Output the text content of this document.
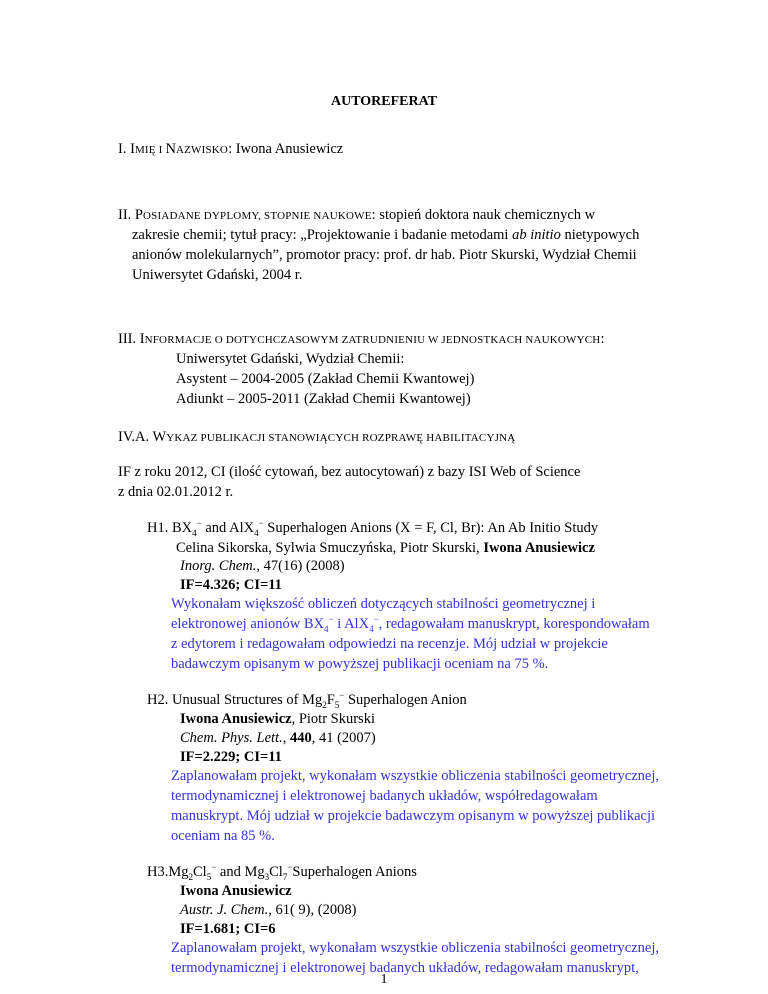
AUTOREFERAT
I. IMIĘ I NAZWISKO: Iwona Anusiewicz
II. POSIADANE DYPLOMY, STOPNIE NAUKOWE: stopień doktora nauk chemicznych w
zakresie chemii; tytuł pracy: „Projektowanie i badanie metodami ab initio nietypowych
anionów molekularnych”, promotor pracy: prof. dr hab. Piotr Skurski, Wydział Chemii
Uniwersytet Gdański, 2004 r.
III. INFORMACJE O DOTYCHCZASOWYM ZATRUDNIENIU W JEDNOSTKACH NAUKOWYCH:
Uniwersytet Gdański, Wydział Chemii:
Asystent – 2004-2005 (Zakład Chemii Kwantowej)
Adiunkt – 2005-2011 (Zakład Chemii Kwantowej)
IV.A. WYKAZ PUBLIKACJI STANOWIĄCYCH ROZPRAWĘ HABILITACYJNĄ
IF z roku 2012, CI (ilość cytowań, bez autocytowań) z bazy ISI Web of Science
z dnia 02.01.2012 r.
H1. $BX_4^-$ and AlX$_4$− Superhalogen Anions (X = F, Cl, Br): An Ab Initio Study
Celina Sikorska, Sylwia Smuczyńska, Piotr Skurski, Iwona Anusiewicz
Inorg. Chem., 47(16) (2008)
IF=4.326; CI=11
Wykonałam większość obliczeń dotyczących stabilności geometrycznej i
elektronowej anionów $BX_4^-$ i AlX$_4$−, redagowałam manuskrypt, korespondowałam
z edytorem i redagowałam odpowiedzi na recenzje. Mój udział w projekcie
badawczym opisanym w powyższej publikacji oceniam na 75 %.
H2. Unusual Structures of $Mg_2F_5^-$ Superhalogen Anion
Iwona Anusiewicz, Piotr Skurski
Chem. Phys. Lett., 440, 41 (2007)
IF=2.229; CI=11
Zaplanowałam projekt, wykonałam wszystkie obliczenia stabilności geometrycznej,
termodynamicznej i elektronowej badanych układów, współredagowałam
manuskrypt. Mój udział w projekcie badawczym opisanym w powyższej publikacji
oceniam na 85 %.
$H3.Mg_2Cl_5^-$ and $Mg_3Cl_7^-Superhalogen$ Anions
Iwona Anusiewicz
Austr. J. Chem., 61( 9), (2008)
IF=1.681; CI=6
Zaplanowałam projekt, wykonałam wszystkie obliczenia stabilności geometrycznej,
termodynamicznej i elektronowej badanych układów, redagowałam manuskrypt,
1
